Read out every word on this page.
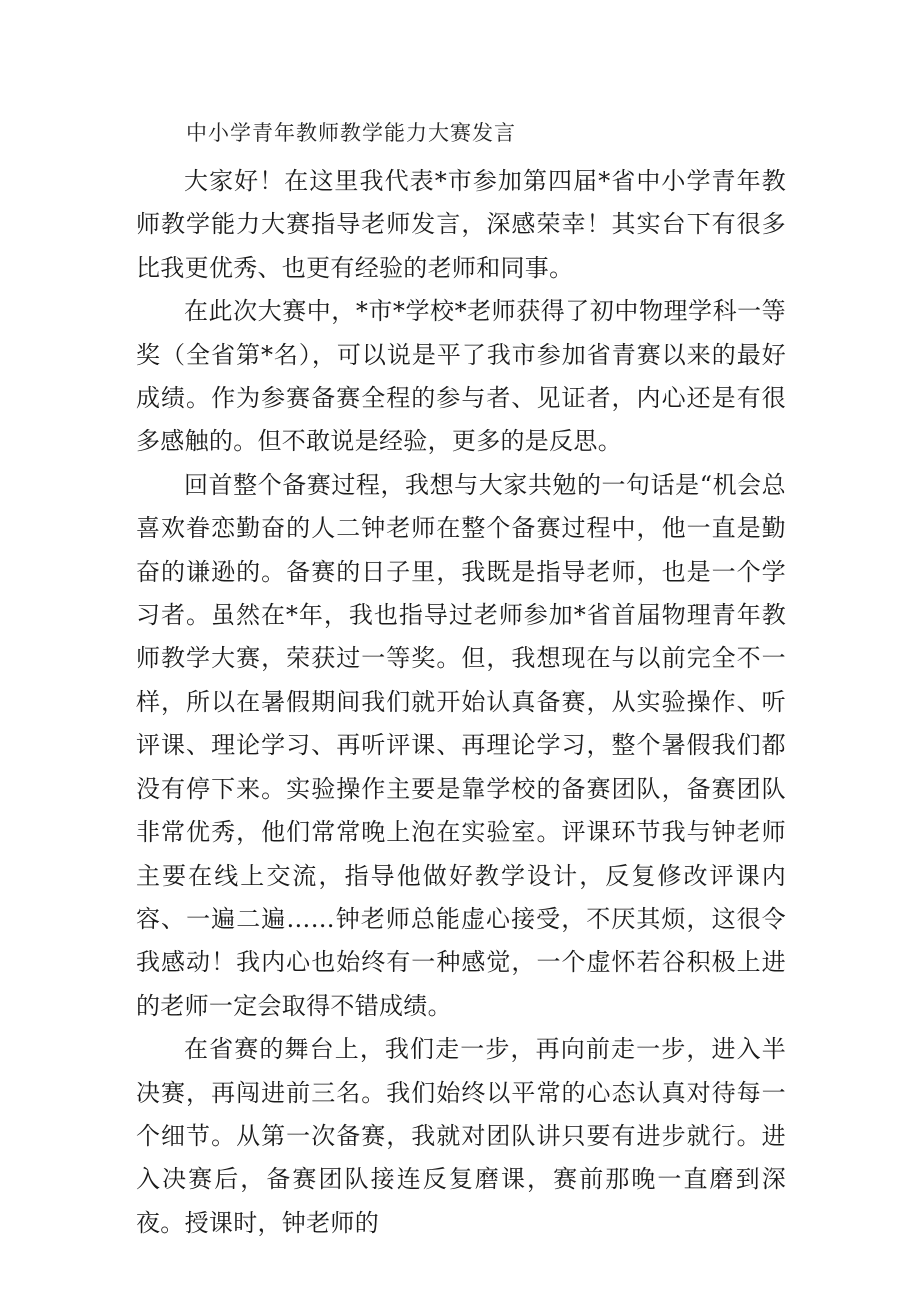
中小学青年教师教学能力大赛发言

大家好！在这里我代表*市参加第四届*省中小学青年教师教学能力大赛指导老师发言，深感荣幸！其实台下有很多比我更优秀、也更有经验的老师和同事。

在此次大赛中，*市*学校*老师获得了初中物理学科一等奖（全省第*名），可以说是平了我市参加省青赛以来的最好成绩。作为参赛备赛全程的参与者、见证者，内心还是有很多感触的。但不敢说是经验，更多的是反思。

回首整个备赛过程，我想与大家共勉的一句话是“机会总喜欢眷恋勤奋的人二钟老师在整个备赛过程中，他一直是勤奋的谦逊的。备赛的日子里，我既是指导老师，也是一个学习者。虽然在*年，我也指导过老师参加*省首届物理青年教师教学大赛，荣获过一等奖。但，我想现在与以前完全不一样，所以在暑假期间我们就开始认真备赛，从实验操作、听评课、理论学习、再听评课、再理论学习，整个暑假我们都没有停下来。实验操作主要是靠学校的备赛团队，备赛团队非常优秀，他们常常晚上泡在实验室。评课环节我与钟老师主要在线上交流，指导他做好教学设计，反复修改评课内容、一遍二遍……钟老师总能虚心接受，不厌其烦，这很令我感动！我内心也始终有一种感觉，一个虚怀若谷积极上进的老师一定会取得不错成绩。

在省赛的舞台上，我们走一步，再向前走一步，进入半决赛，再闯进前三名。我们始终以平常的心态认真对待每一个细节。从第一次备赛，我就对团队讲只要有进步就行。进入决赛后，备赛团队接连反复磨课，赛前那晚一直磨到深夜。授课时，钟老师的
